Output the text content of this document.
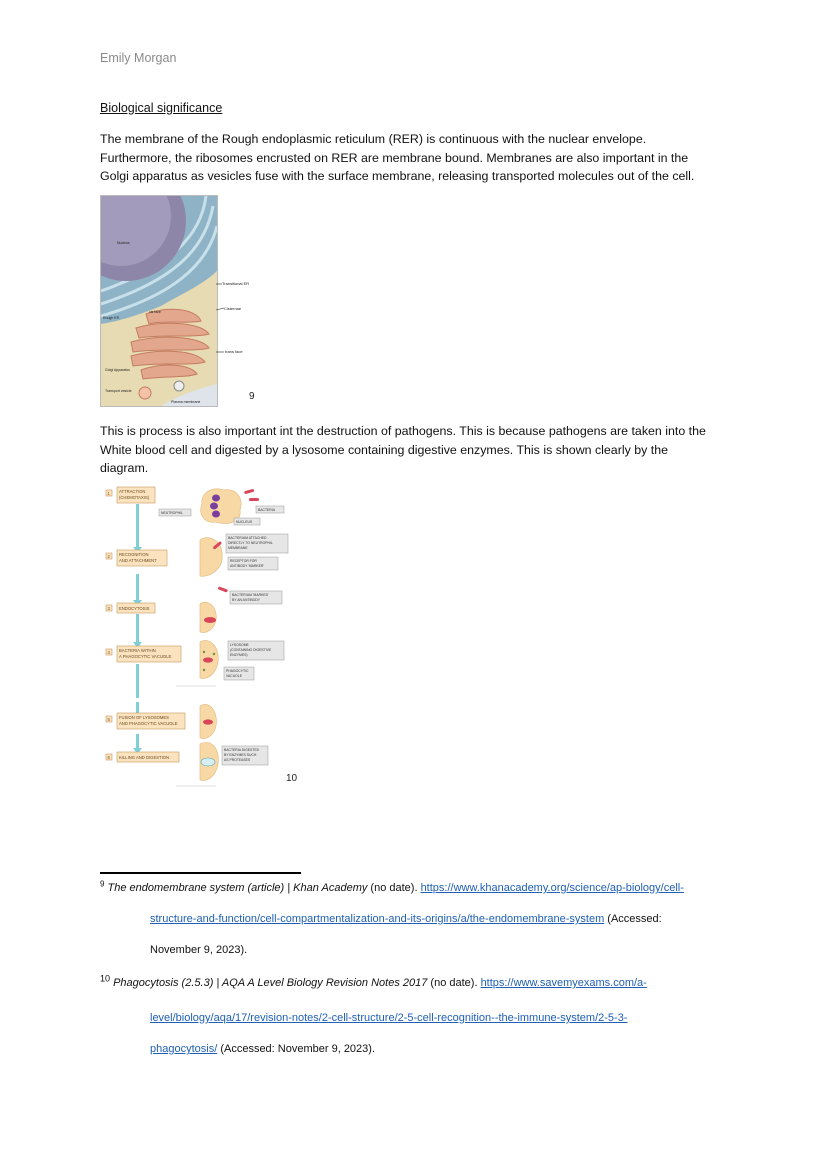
Emily Morgan
Biological significance
The membrane of the Rough endoplasmic reticulum (RER) is continuous with the nuclear envelope.
Furthermore, the ribosomes encrusted on RER are membrane bound. Membranes are also important in the
Golgi apparatus as vesicles fuse with the surface membrane, releasing transported molecules out of the cell.
Nucleus
Rough ER
cis face
Golgi Apparatus
Transport vesicle
Plasma membrane
Transitional ER
Cisternae
trans face
9
This is process is also important int the destruction of pathogens. This is because pathogens are taken into the
White blood cell and digested by a lysosome containing digestive enzymes. This is shown clearly by the
diagram.
1 ATTRACTION
(CHEMOTAXIS)
2 RECOGNITION
AND ATTACHMENT
3 ENDOCYTOSIS
4 BACTERIA WITHIN
A PHAGOCYTIC VACUOLE
5 FUSION OF LYSOSOMES
AND PHAGOCYTIC VACUOLE
6 KILLING AND DIGESTION
NEUTROPHIL
BACTERIA
NUCLEUS
BACTERIUM ATTACHED
DIRECTLY TO NEUTROPHIL
MEMBRANE
RECEPTOR FOR
ANTIBODY 'MARKER'
BACTERIUM 'MARKED'
BY AN ANTIBODY
LYSOSOME
(CONTAINING DIGESTIVE
ENZYMES)
PHAGOCYTIC
VACUOLE
BACTERIA DIGESTED
BY ENZYMES SUCH
AS PROTEASES
10
$^9$ The endomembrane system (article) | Khan Academy (no date). https://www.khanacademy.org/science/ap-biology/cell-
structure-and-function/cell-compartmentalization-and-its-origins/a/the-endomembrane-system (Accessed:
November 9, 2023).
$^{10}$ Phagocytosis (2.5.3) | AQA A Level Biology Revision Notes 2017 (no date). https://www.savemyexams.com/a-
level/biology/aqa/17/revision-notes/2-cell-structure/2-5-cell-recognition--the-immune-system/2-5-3-
phagocytosis/ (Accessed: November 9, 2023).
